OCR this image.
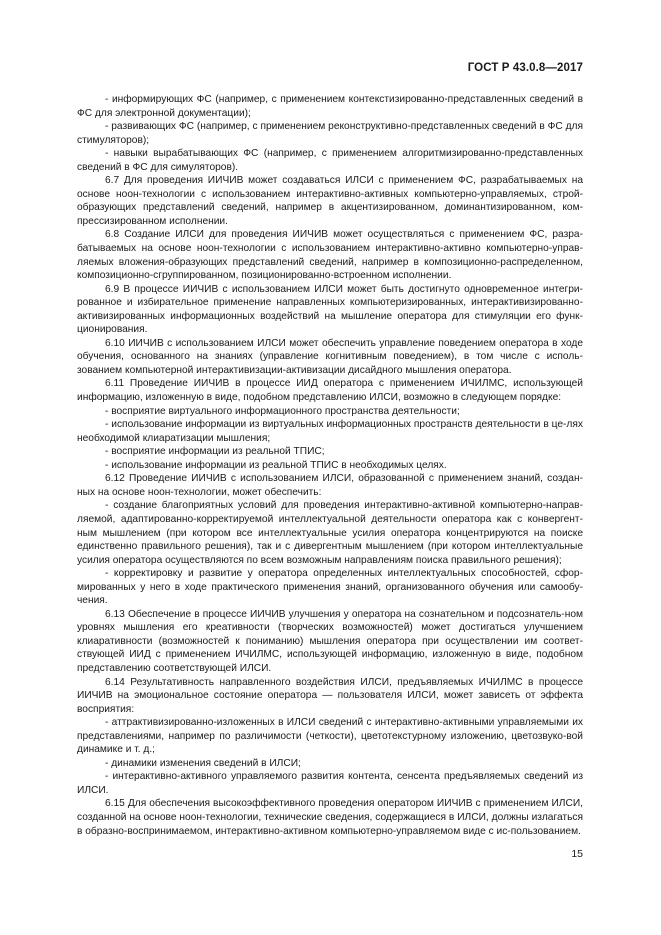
ГОСТ Р 43.0.8—2017

- информирующих ФС (например, с применением контекстизированно-представленных сведений в ФС для электронной документации);

- развивающих ФС (например, с применением реконструктивно-представленных сведений в ФС для стимуляторов);

- навыки вырабатывающих ФС (например, с применением алгоритмизированно-представленных сведений в ФС для симуляторов).

6.7 Для проведения ИИЧИВ может создаваться ИЛСИ с применением ФС, разрабатываемых на основе ноон-технологии с использованием интерактивно-активных компьютерно-управляемых, строй-образующих представлений сведений, например в акцентизированном, доминантизированном, ком-прессизированном исполнении.

6.8 Создание ИЛСИ для проведения ИИЧИВ может осуществляться с применением ФС, разра-батываемых на основе ноон-технологии с использованием интерактивно-активно компьютерно-управ-ляемых вложения-образующих представлений сведений, например в композиционно-распределенном, композиционно-сгруппированном, позиционированно-встроенном исполнении.

6.9 В процессе ИИЧИВ с использованием ИЛСИ может быть достигнуто одновременное интегри-рованное и избирательное применение направленных компьютеризированных, интерактивизированно-активизированных информационных воздействий на мышление оператора для стимуляции его функ-ционирования.

6.10 ИИЧИВ с использованием ИЛСИ может обеспечить управление поведением оператора в ходе обучения, основанного на знаниях (управление когнитивным поведением), в том числе с исполь-зованием компьютерной интерактивизации-активизации дисайдного мышления оператора.

6.11 Проведение ИИЧИВ в процессе ИИД оператора с применением ИЧИЛМС, использующей информацию, изложенную в виде, подобном представлению ИЛСИ, возможно в следующем порядке:

- восприятие виртуального информационного пространства деятельности;

- использование информации из виртуальных информационных пространств деятельности в це-лях необходимой клиаратизации мышления;

- восприятие информации из реальной ТПИС;

- использование информации из реальной ТПИС в необходимых целях.

6.12 Проведение ИИЧИВ с использованием ИЛСИ, образованной с применением знаний, создан-ных на основе ноон-технологии, может обеспечить:

- создание благоприятных условий для проведения интерактивно-активной компьютерно-направ-ляемой, адаптированно-корректируемой интеллектуальной деятельности оператора как с конвергент-ным мышлением (при котором все интеллектуальные усилия оператора концентрируются на поиске единственно правильного решения), так и с дивергентным мышлением (при котором интеллектуальные усилия оператора осуществляются по всем возможным направлениям поиска правильного решения);

- корректировку и развитие у оператора определенных интеллектуальных способностей, сфор-мированных у него в ходе практического применения знаний, организованного обучения или самообу-чения.

6.13 Обеспечение в процессе ИИЧИВ улучшения у оператора на сознательном и подсознатель-ном уровнях мышления его креативности (творческих возможностей) может достигаться улучшением клиаративности (возможностей к пониманию) мышления оператора при осуществлении им соответ-ствующей ИИД с применением ИЧИЛМС, использующей информацию, изложенную в виде, подобном представлению соответствующей ИЛСИ.

6.14 Результативность направленного воздействия ИЛСИ, предъявляемых ИЧИЛМС в процессе ИИЧИВ на эмоциональное состояние оператора — пользователя ИЛСИ, может зависеть от эффекта восприятия:

- аттрактивизированно-изложенных в ИЛСИ сведений с интерактивно-активными управляемыми их представлениями, например по различимости (четкости), цветотекстурному изложению, цветозвуко-вой динамике и т. д.;

- динамики изменения сведений в ИЛСИ;

- интерактивно-активного управляемого развития контента, сенсента предъявляемых сведений из ИЛСИ.

6.15 Для обеспечения высокоэффективного проведения оператором ИИЧИВ с применением ИЛСИ, созданной на основе ноон-технологии, технические сведения, содержащиеся в ИЛСИ, должны излагаться в образно-воспринимаемом, интерактивно-активном компьютерно-управляемом виде с ис-пользованием.

15
